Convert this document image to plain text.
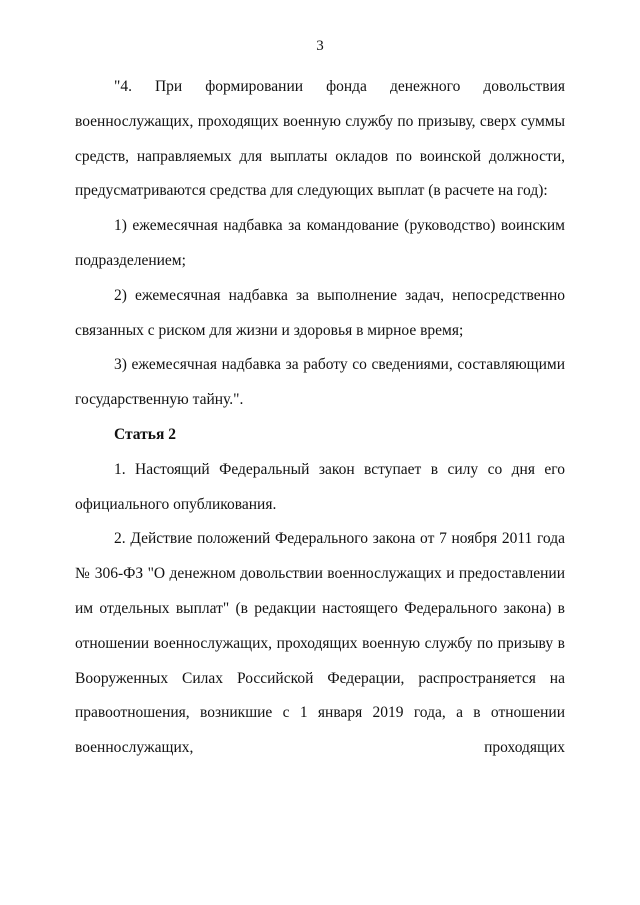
3

"4. При формировании фонда денежного довольствия военнослужащих, проходящих военную службу по призыву, сверх суммы средств, направляемых для выплаты окладов по воинской должности, предусматриваются средства для следующих выплат (в расчете на год):

1) ежемесячная надбавка за командование (руководство) воинским подразделением;

2) ежемесячная надбавка за выполнение задач, непосредственно связанных с риском для жизни и здоровья в мирное время;

3) ежемесячная надбавка за работу со сведениями, составляющими государственную тайну.".

Статья 2

1. Настоящий Федеральный закон вступает в силу со дня его официального опубликования.

2. Действие положений Федерального закона от 7 ноября 2011 года № 306-ФЗ "О денежном довольствии военнослужащих и предоставлении им отдельных выплат" (в редакции настоящего Федерального закона) в отношении военнослужащих, проходящих военную службу по призыву в Вооруженных Силах Российской Федерации, распространяется на правоотношения, возникшие с 1 января 2019 года, а в отношении военнослужащих, проходящих
